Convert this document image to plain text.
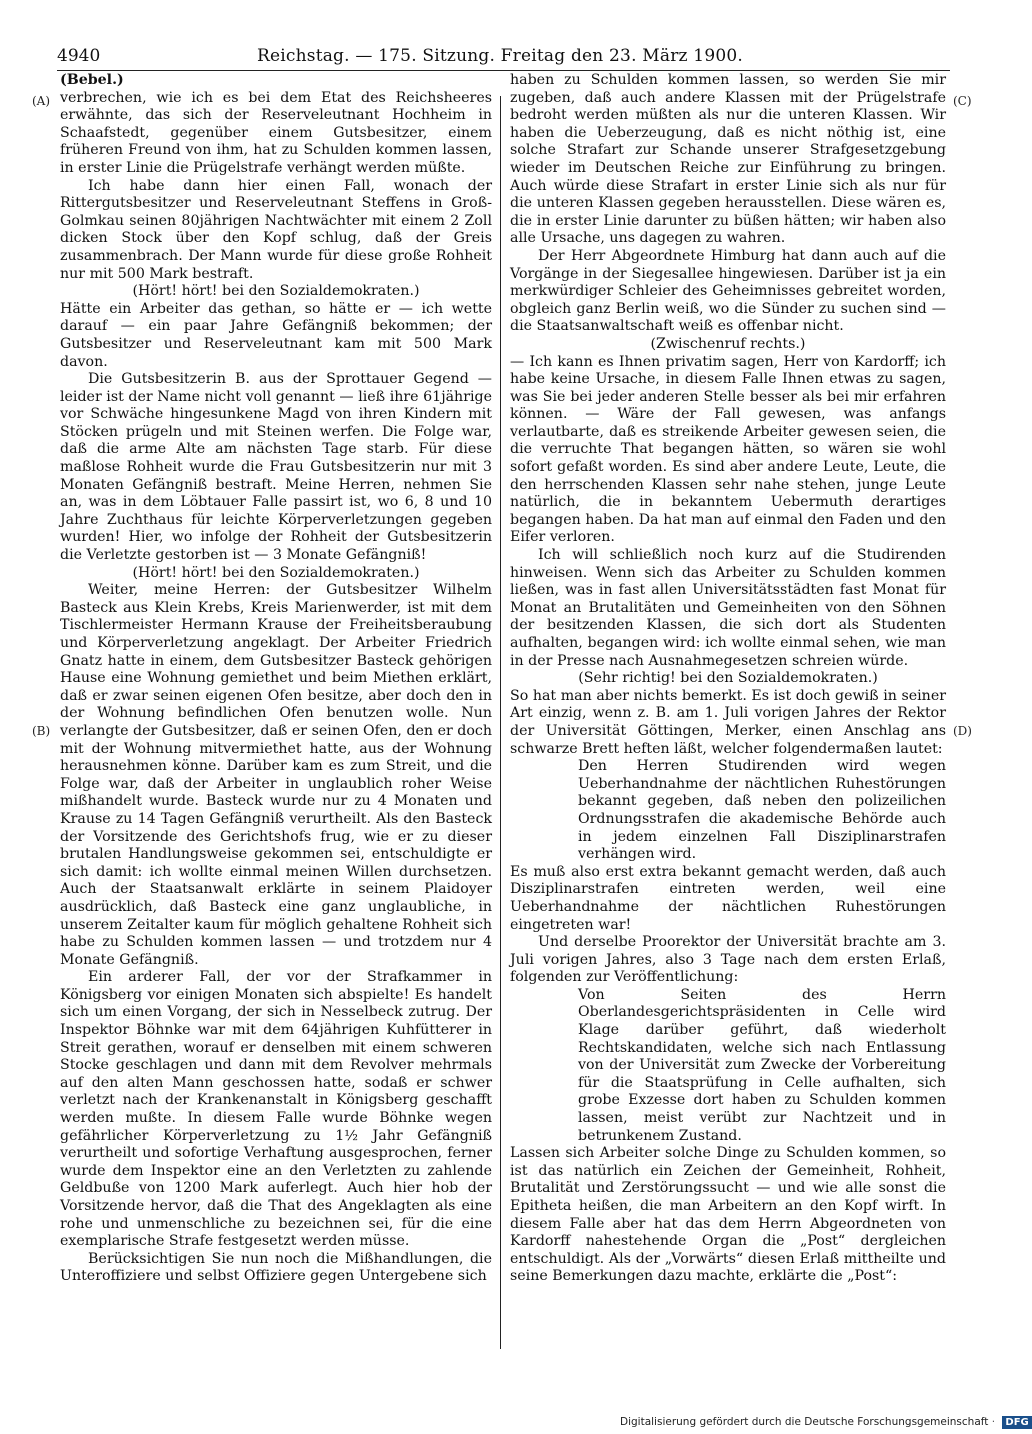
4940	Reichstag. — 175. Sitzung. Freitag den 23. März 1900.
(A)
(B)
(C)
(D)

(Bebel.)

verbrechen, wie ich es bei dem Etat des Reichsheeres erwähnte, das sich der Reserveleutnant Hochheim in Schaafstedt, gegenüber einem Gutsbesitzer, einem früheren Freund von ihm, hat zu Schulden kommen lassen, in erster Linie die Prügelstrafe verhängt werden müßte.

Ich habe dann hier einen Fall, wonach der Rittergutsbesitzer und Reserveleutnant Steffens in Groß-Golmkau seinen 80jährigen Nachtwächter mit einem 2 Zoll dicken Stock über den Kopf schlug, daß der Greis zusammenbrach. Der Mann wurde für diese große Rohheit nur mit 500 Mark bestraft.

(Hört! hört! bei den Sozialdemokraten.)

Hätte ein Arbeiter das gethan, so hätte er — ich wette darauf — ein paar Jahre Gefängniß bekommen; der Gutsbesitzer und Reserveleutnant kam mit 500 Mark davon.

Die Gutsbesitzerin B. aus der Sprottauer Gegend — leider ist der Name nicht voll genannt — ließ ihre 61jährige vor Schwäche hingesunkene Magd von ihren Kindern mit Stöcken prügeln und mit Steinen werfen. Die Folge war, daß die arme Alte am nächsten Tage starb. Für diese maßlose Rohheit wurde die Frau Gutsbesitzerin nur mit 3 Monaten Gefängniß bestraft. Meine Herren, nehmen Sie an, was in dem Löbtauer Falle passirt ist, wo 6, 8 und 10 Jahre Zuchthaus für leichte Körperverletzungen gegeben wurden! Hier, wo infolge der Rohheit der Gutsbesitzerin die Verletzte gestorben ist — 3 Monate Gefängniß!

(Hört! hört! bei den Sozialdemokraten.)

Weiter, meine Herren: der Gutsbesitzer Wilhelm Basteck aus Klein Krebs, Kreis Marienwerder, ist mit dem Tischlermeister Hermann Krause der Freiheitsberaubung und Körperverletzung angeklagt. Der Arbeiter Friedrich Gnatz hatte in einem, dem Gutsbesitzer Basteck gehörigen Hause eine Wohnung gemiethet und beim Miethen erklärt, daß er zwar seinen eigenen Ofen besitze, aber doch den in der Wohnung befindlichen Ofen benutzen wolle. Nun verlangte der Gutsbesitzer, daß er seinen Ofen, den er doch mit der Wohnung mitvermiethet hatte, aus der Wohnung herausnehmen könne. Darüber kam es zum Streit, und die Folge war, daß der Arbeiter in unglaublich roher Weise mißhandelt wurde. Basteck wurde nur zu 4 Monaten und Krause zu 14 Tagen Gefängniß verurtheilt. Als den Basteck der Vorsitzende des Gerichtshofs frug, wie er zu dieser brutalen Handlungsweise gekommen sei, entschuldigte er sich damit: ich wollte einmal meinen Willen durchsetzen. Auch der Staatsanwalt erklärte in seinem Plaidoyer ausdrücklich, daß Basteck eine ganz unglaubliche, in unserem Zeitalter kaum für möglich gehaltene Rohheit sich habe zu Schulden kommen lassen — und trotzdem nur 4 Monate Gefängniß.

Ein arderer Fall, der vor der Strafkammer in Königsberg vor einigen Monaten sich abspielte! Es handelt sich um einen Vorgang, der sich in Nesselbeck zutrug. Der Inspektor Böhnke war mit dem 64jährigen Kuhfütterer in Streit gerathen, worauf er denselben mit einem schweren Stocke geschlagen und dann mit dem Revolver mehrmals auf den alten Mann geschossen hatte, sodaß er schwer verletzt nach der Krankenanstalt in Königsberg geschafft werden mußte. In diesem Falle wurde Böhnke wegen gefährlicher Körperverletzung zu 1½ Jahr Gefängniß verurtheilt und sofortige Verhaftung ausgesprochen, ferner wurde dem Inspektor eine an den Verletzten zu zahlende Geldbuße von 1200 Mark auferlegt. Auch hier hob der Vorsitzende hervor, daß die That des Angeklagten als eine rohe und unmenschliche zu bezeichnen sei, für die eine exemplarische Strafe festgesetzt werden müsse.

Berücksichtigen Sie nun noch die Mißhandlungen, die Unteroffiziere und selbst Offiziere gegen Untergebene sich

haben zu Schulden kommen lassen, so werden Sie mir zugeben, daß auch andere Klassen mit der Prügelstrafe bedroht werden müßten als nur die unteren Klassen. Wir haben die Ueberzeugung, daß es nicht nöthig ist, eine solche Strafart zur Schande unserer Strafgesetzgebung wieder im Deutschen Reiche zur Einführung zu bringen. Auch würde diese Strafart in erster Linie sich als nur für die unteren Klassen gegeben herausstellen. Diese wären es, die in erster Linie darunter zu büßen hätten; wir haben also alle Ursache, uns dagegen zu wahren.

Der Herr Abgeordnete Himburg hat dann auch auf die Vorgänge in der Siegesallee hingewiesen. Darüber ist ja ein merkwürdiger Schleier des Geheimnisses gebreitet worden, obgleich ganz Berlin weiß, wo die Sünder zu suchen sind — die Staatsanwaltschaft weiß es offenbar nicht.

(Zwischenruf rechts.)

— Ich kann es Ihnen privatim sagen, Herr von Kardorff; ich habe keine Ursache, in diesem Falle Ihnen etwas zu sagen, was Sie bei jeder anderen Stelle besser als bei mir erfahren können. — Wäre der Fall gewesen, was anfangs verlautbarte, daß es streikende Arbeiter gewesen seien, die die verruchte That begangen hätten, so wären sie wohl sofort gefaßt worden. Es sind aber andere Leute, Leute, die den herrschenden Klassen sehr nahe stehen, junge Leute natürlich, die in bekanntem Uebermuth derartiges begangen haben. Da hat man auf einmal den Faden und den Eifer verloren.

Ich will schließlich noch kurz auf die Studirenden hinweisen. Wenn sich das Arbeiter zu Schulden kommen ließen, was in fast allen Universitätsstädten fast Monat für Monat an Brutalitäten und Gemeinheiten von den Söhnen der besitzenden Klassen, die sich dort als Studenten aufhalten, begangen wird: ich wollte einmal sehen, wie man in der Presse nach Ausnahmegesetzen schreien würde.

(Sehr richtig! bei den Sozialdemokraten.)

So hat man aber nichts bemerkt. Es ist doch gewiß in seiner Art einzig, wenn z. B. am 1. Juli vorigen Jahres der Rektor der Universität Göttingen, Merker, einen Anschlag ans schwarze Brett heften läßt, welcher folgendermaßen lautet:

Den Herren Studirenden wird wegen Ueberhandnahme der nächtlichen Ruhestörungen bekannt gegeben, daß neben den polizeilichen Ordnungsstrafen die akademische Behörde auch in jedem einzelnen Fall Disziplinarstrafen verhängen wird.

Es muß also erst extra bekannt gemacht werden, daß auch Disziplinarstrafen eintreten werden, weil eine Ueberhandnahme der nächtlichen Ruhestörungen eingetreten war!

Und derselbe Proorektor der Universität brachte am 3. Juli vorigen Jahres, also 3 Tage nach dem ersten Erlaß, folgenden zur Veröffentlichung:

Von Seiten des Herrn Oberlandesgerichtspräsidenten in Celle wird Klage darüber geführt, daß wiederholt Rechtskandidaten, welche sich nach Entlassung von der Universität zum Zwecke der Vorbereitung für die Staatsprüfung in Celle aufhalten, sich grobe Exzesse dort haben zu Schulden kommen lassen, meist verübt zur Nachtzeit und in betrunkenem Zustand.

Lassen sich Arbeiter solche Dinge zu Schulden kommen, so ist das natürlich ein Zeichen der Gemeinheit, Rohheit, Brutalität und Zerstörungssucht — und wie alle sonst die Epitheta heißen, die man Arbeitern an den Kopf wirft. In diesem Falle aber hat das dem Herrn Abgeordneten von Kardorff nahestehende Organ die „Post“ dergleichen entschuldigt. Als der „Vorwärts“ diesen Erlaß mittheilte und seine Bemerkungen dazu machte, erklärte die „Post“:

Digitalisierung gefördert durch die Deutsche Forschungsgemeinschaft · DFG
